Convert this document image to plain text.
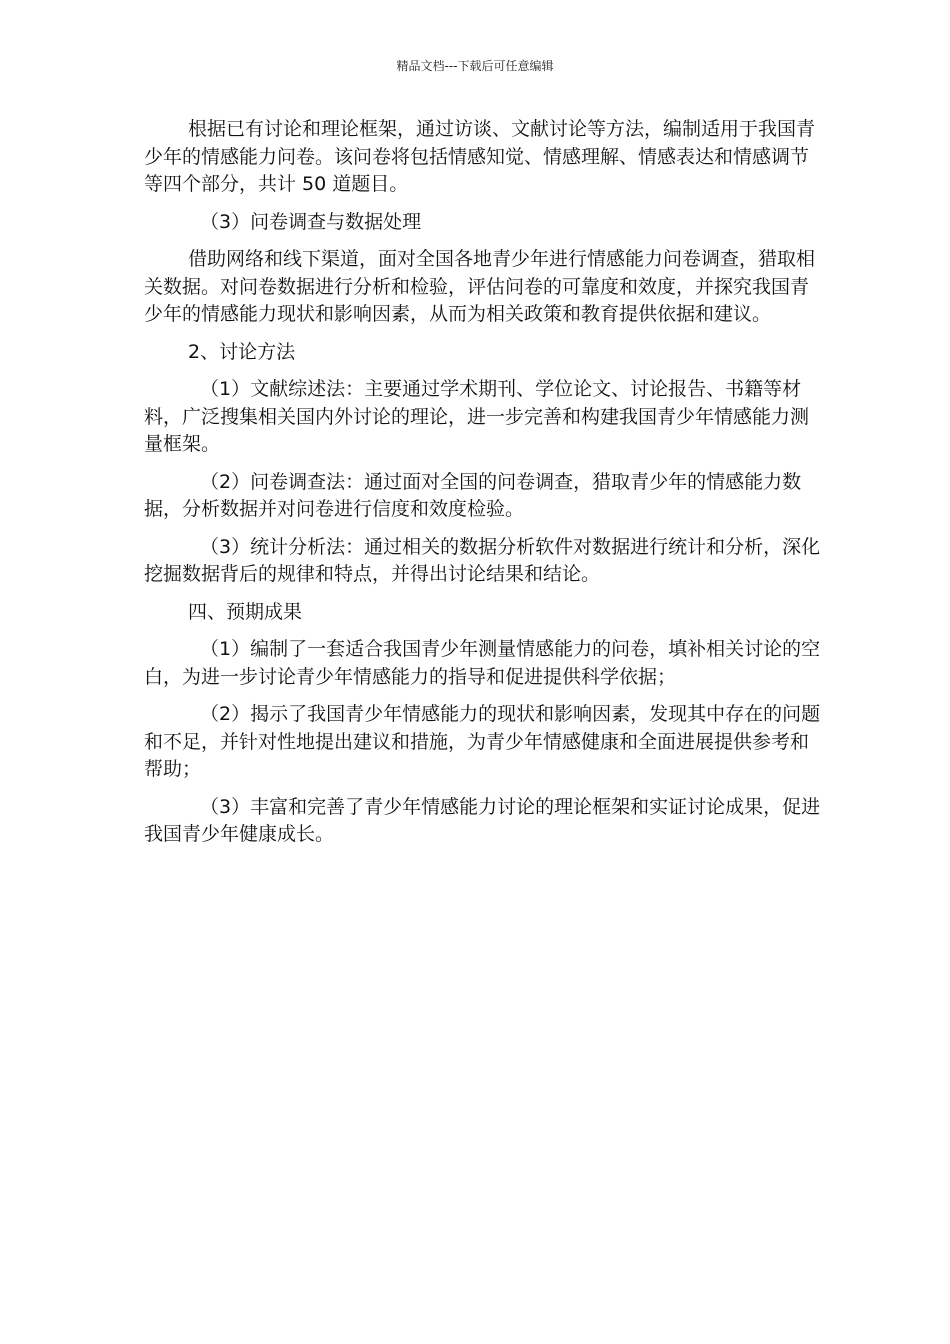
精品文档---下载后可任意编辑

根据已有讨论和理论框架，通过访谈、文献讨论等方法，编制适用于我国青少年的情感能力问卷。该问卷将包括情感知觉、情感理解、情感表达和情感调节等四个部分，共计 50 道题目。

（3）问卷调查与数据处理

借助网络和线下渠道，面对全国各地青少年进行情感能力问卷调查，猎取相关数据。对问卷数据进行分析和检验，评估问卷的可靠度和效度，并探究我国青少年的情感能力现状和影响因素，从而为相关政策和教育提供依据和建议。

2、讨论方法

（1）文献综述法：主要通过学术期刊、学位论文、讨论报告、书籍等材料，广泛搜集相关国内外讨论的理论，进一步完善和构建我国青少年情感能力测量框架。

（2）问卷调查法：通过面对全国的问卷调查，猎取青少年的情感能力数据，分析数据并对问卷进行信度和效度检验。

（3）统计分析法：通过相关的数据分析软件对数据进行统计和分析，深化挖掘数据背后的规律和特点，并得出讨论结果和结论。

四、预期成果

（1）编制了一套适合我国青少年测量情感能力的问卷，填补相关讨论的空白，为进一步讨论青少年情感能力的指导和促进提供科学依据；

（2）揭示了我国青少年情感能力的现状和影响因素，发现其中存在的问题和不足，并针对性地提出建议和措施，为青少年情感健康和全面进展提供参考和帮助；

（3）丰富和完善了青少年情感能力讨论的理论框架和实证讨论成果，促进我国青少年健康成长。
